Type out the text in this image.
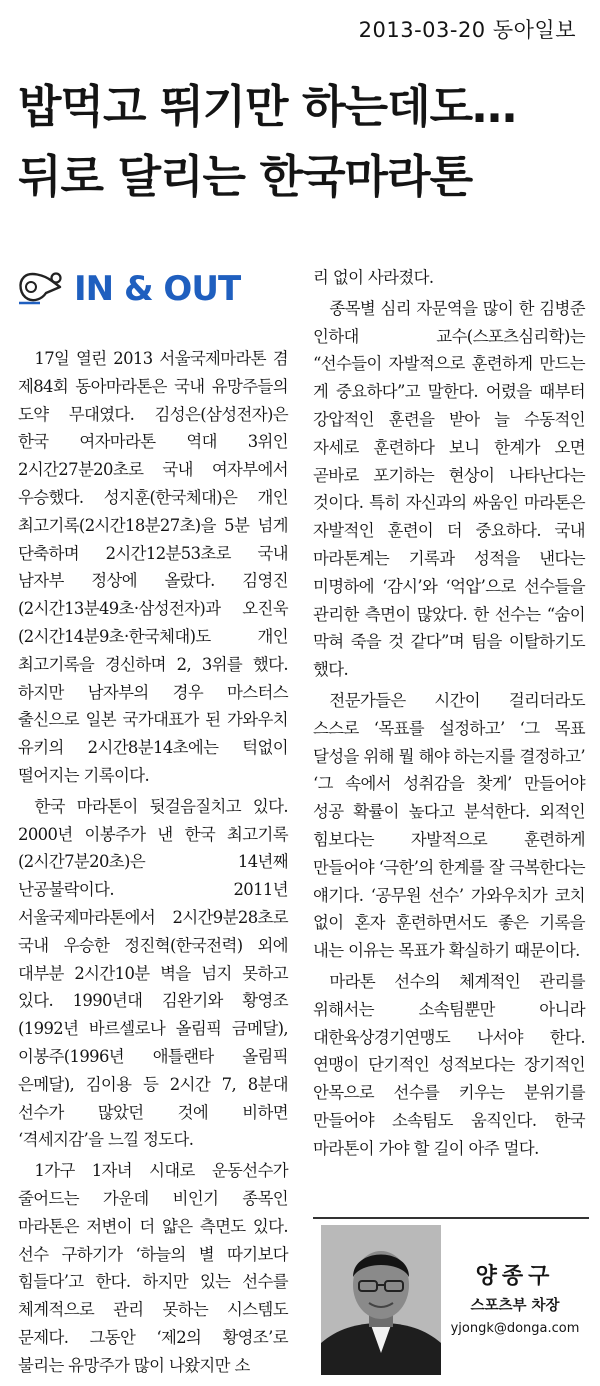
2013-03-20 동아일보
밥먹고 뛰기만 하는데도…
뒤로 달리는 한국마라톤
IN & OUT

17일 열린 2013 서울국제마라톤 겸 제84회 동아마라톤은 국내 유망주들의 도약 무대였다. 김성은(삼성전자)은 한국 여자마라톤 역대 3위인 2시간27분20초로 국내 여자부에서 우승했다. 성지훈(한국체대)은 개인 최고기록(2시간18분27초)을 5분 넘게 단축하며 2시간12분53초로 국내 남자부 정상에 올랐다. 김영진(2시간13분49초·삼성전자)과 오진욱(2시간14분9초·한국체대)도 개인 최고기록을 경신하며 2, 3위를 했다. 하지만 남자부의 경우 마스터스 출신으로 일본 국가대표가 된 가와우치 유키의 2시간8분14초에는 턱없이 떨어지는 기록이다.

한국 마라톤이 뒷걸음질치고 있다. 2000년 이봉주가 낸 한국 최고기록(2시간7분20초)은 14년째 난공불락이다. 2011년 서울국제마라톤에서 2시간9분28초로 국내 우승한 정진혁(한국전력) 외에 대부분 2시간10분 벽을 넘지 못하고 있다. 1990년대 김완기와 황영조(1992년 바르셀로나 올림픽 금메달), 이봉주(1996년 애틀랜타 올림픽 은메달), 김이용 등 2시간 7, 8분대 선수가 많았던 것에 비하면 ‘격세지감’을 느낄 정도다.

1가구 1자녀 시대로 운동선수가 줄어드는 가운데 비인기 종목인 마라톤은 저변이 더 얇은 측면도 있다. 선수 구하기가 ‘하늘의 별 따기보다 힘들다’고 한다. 하지만 있는 선수를 체계적으로 관리 못하는 시스템도 문제다. 그동안 ‘제2의 황영조’로 불리는 유망주가 많이 나왔지만 소

리 없이 사라졌다.

종목별 심리 자문역을 많이 한 김병준 인하대 교수(스포츠심리학)는 “선수들이 자발적으로 훈련하게 만드는 게 중요하다”고 말한다. 어렸을 때부터 강압적인 훈련을 받아 늘 수동적인 자세로 훈련하다 보니 한계가 오면 곧바로 포기하는 현상이 나타난다는 것이다. 특히 자신과의 싸움인 마라톤은 자발적인 훈련이 더 중요하다. 국내 마라톤계는 기록과 성적을 낸다는 미명하에 ‘감시’와 ‘억압’으로 선수들을 관리한 측면이 많았다. 한 선수는 “숨이 막혀 죽을 것 같다”며 팀을 이탈하기도 했다.

전문가들은 시간이 걸리더라도 스스로 ‘목표를 설정하고’ ‘그 목표 달성을 위해 뭘 해야 하는지를 결정하고’ ‘그 속에서 성취감을 찾게’ 만들어야 성공 확률이 높다고 분석한다. 외적인 힘보다는 자발적으로 훈련하게 만들어야 ‘극한’의 한계를 잘 극복한다는 얘기다. ‘공무원 선수’ 가와우치가 코치 없이 혼자 훈련하면서도 좋은 기록을 내는 이유는 목표가 확실하기 때문이다.

마라톤 선수의 체계적인 관리를 위해서는 소속팀뿐만 아니라 대한육상경기연맹도 나서야 한다. 연맹이 단기적인 성적보다는 장기적인 안목으로 선수를 키우는 분위기를 만들어야 소속팀도 움직인다. 한국 마라톤이 가야 할 길이 아주 멀다.

양종구
스포츠부 차장
yjongk@donga.com
